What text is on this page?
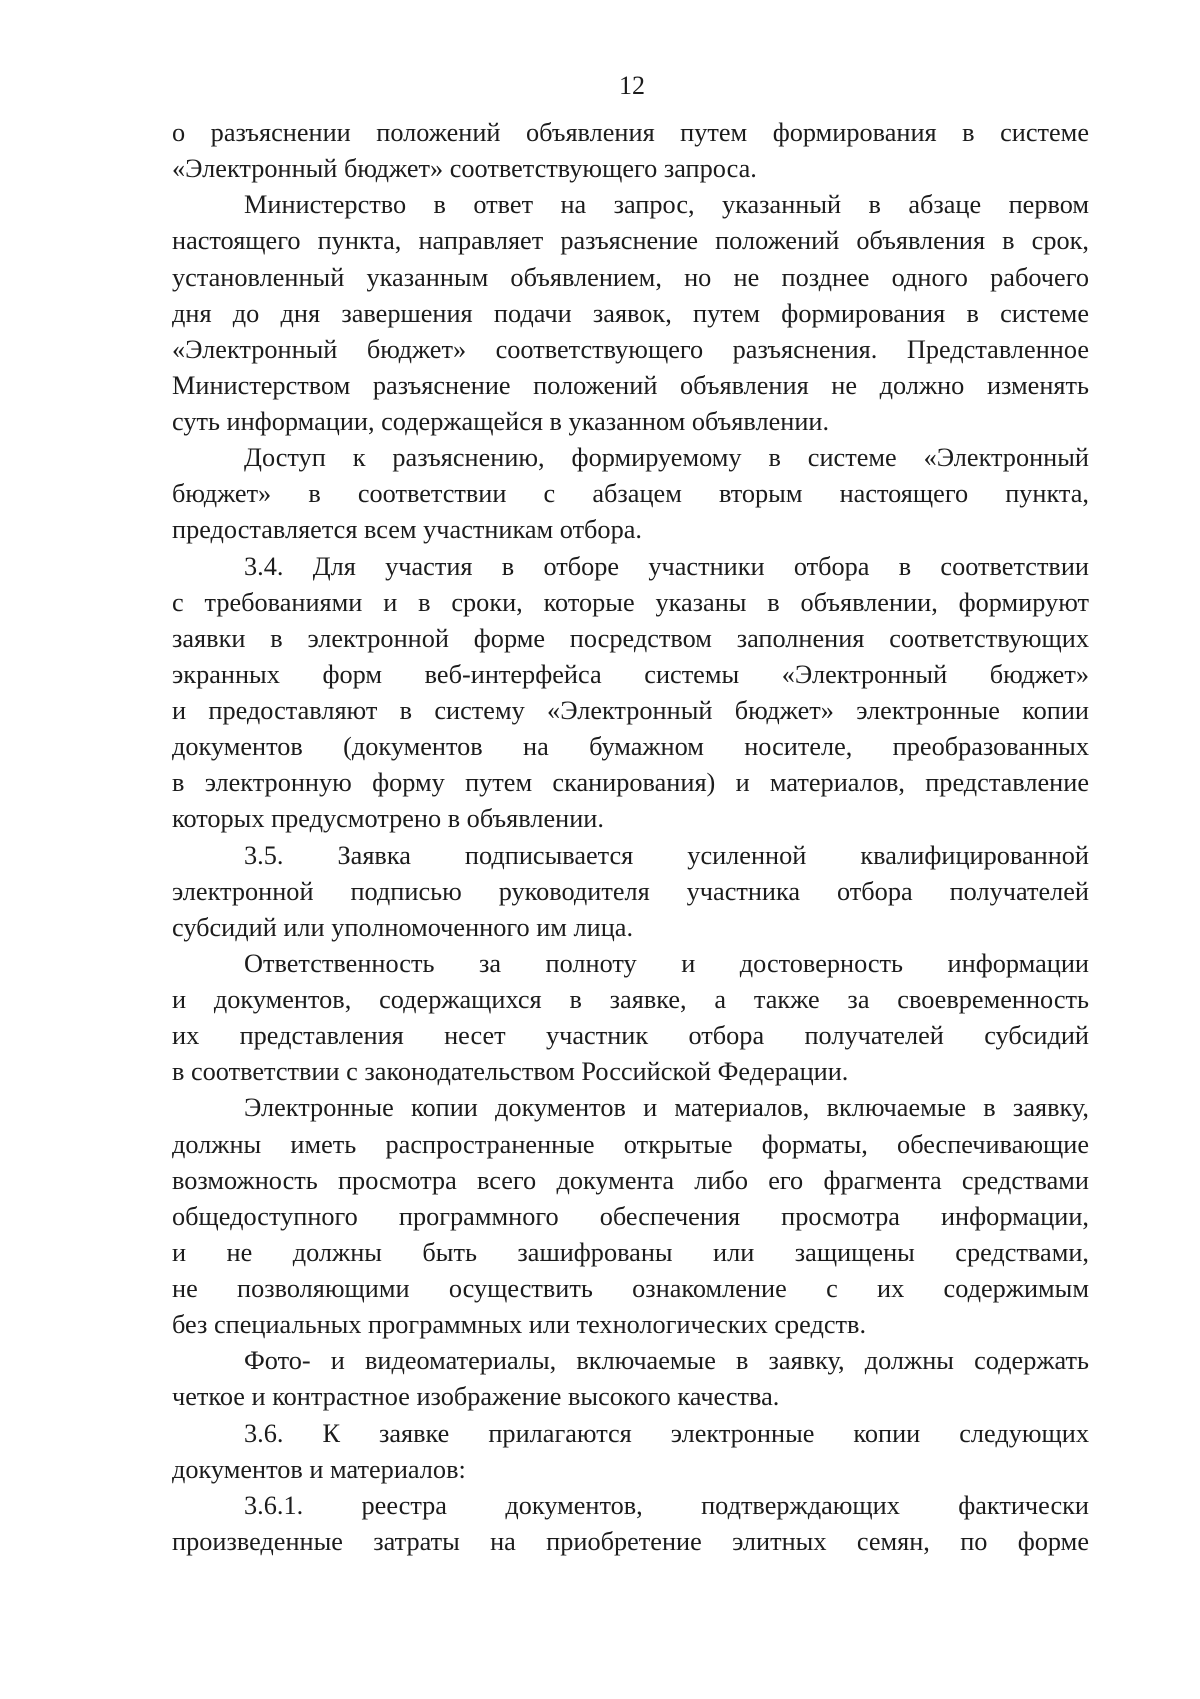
12
о разъяснении положений объявления путем формирования в системе
«Электронный бюджет» соответствующего запроса.
Министерство в ответ на запрос, указанный в абзаце первом
настоящего пункта, направляет разъяснение положений объявления в срок,
установленный указанным объявлением, но не позднее одного рабочего
дня до дня завершения подачи заявок, путем формирования в системе
«Электронный бюджет» соответствующего разъяснения. Представленное
Министерством разъяснение положений объявления не должно изменять
суть информации, содержащейся в указанном объявлении.
Доступ к разъяснению, формируемому в системе «Электронный
бюджет» в соответствии с абзацем вторым настоящего пункта,
предоставляется всем участникам отбора.
3.4. Для участия в отборе участники отбора в соответствии
с требованиями и в сроки, которые указаны в объявлении, формируют
заявки в электронной форме посредством заполнения соответствующих
экранных форм веб-интерфейса системы «Электронный бюджет»
и предоставляют в систему «Электронный бюджет» электронные копии
документов (документов на бумажном носителе, преобразованных
в электронную форму путем сканирования) и материалов, представление
которых предусмотрено в объявлении.
3.5. Заявка подписывается усиленной квалифицированной
электронной подписью руководителя участника отбора получателей
субсидий или уполномоченного им лица.
Ответственность за полноту и достоверность информации
и документов, содержащихся в заявке, а также за своевременность
их представления несет участник отбора получателей субсидий
в соответствии с законодательством Российской Федерации.
Электронные копии документов и материалов, включаемые в заявку,
должны иметь распространенные открытые форматы, обеспечивающие
возможность просмотра всего документа либо его фрагмента средствами
общедоступного программного обеспечения просмотра информации,
и не должны быть зашифрованы или защищены средствами,
не позволяющими осуществить ознакомление с их содержимым
без специальных программных или технологических средств.
Фото- и видеоматериалы, включаемые в заявку, должны содержать
четкое и контрастное изображение высокого качества.
3.6. К заявке прилагаются электронные копии следующих
документов и материалов:
3.6.1. реестра документов, подтверждающих фактически
произведенные затраты на приобретение элитных семян, по форме
